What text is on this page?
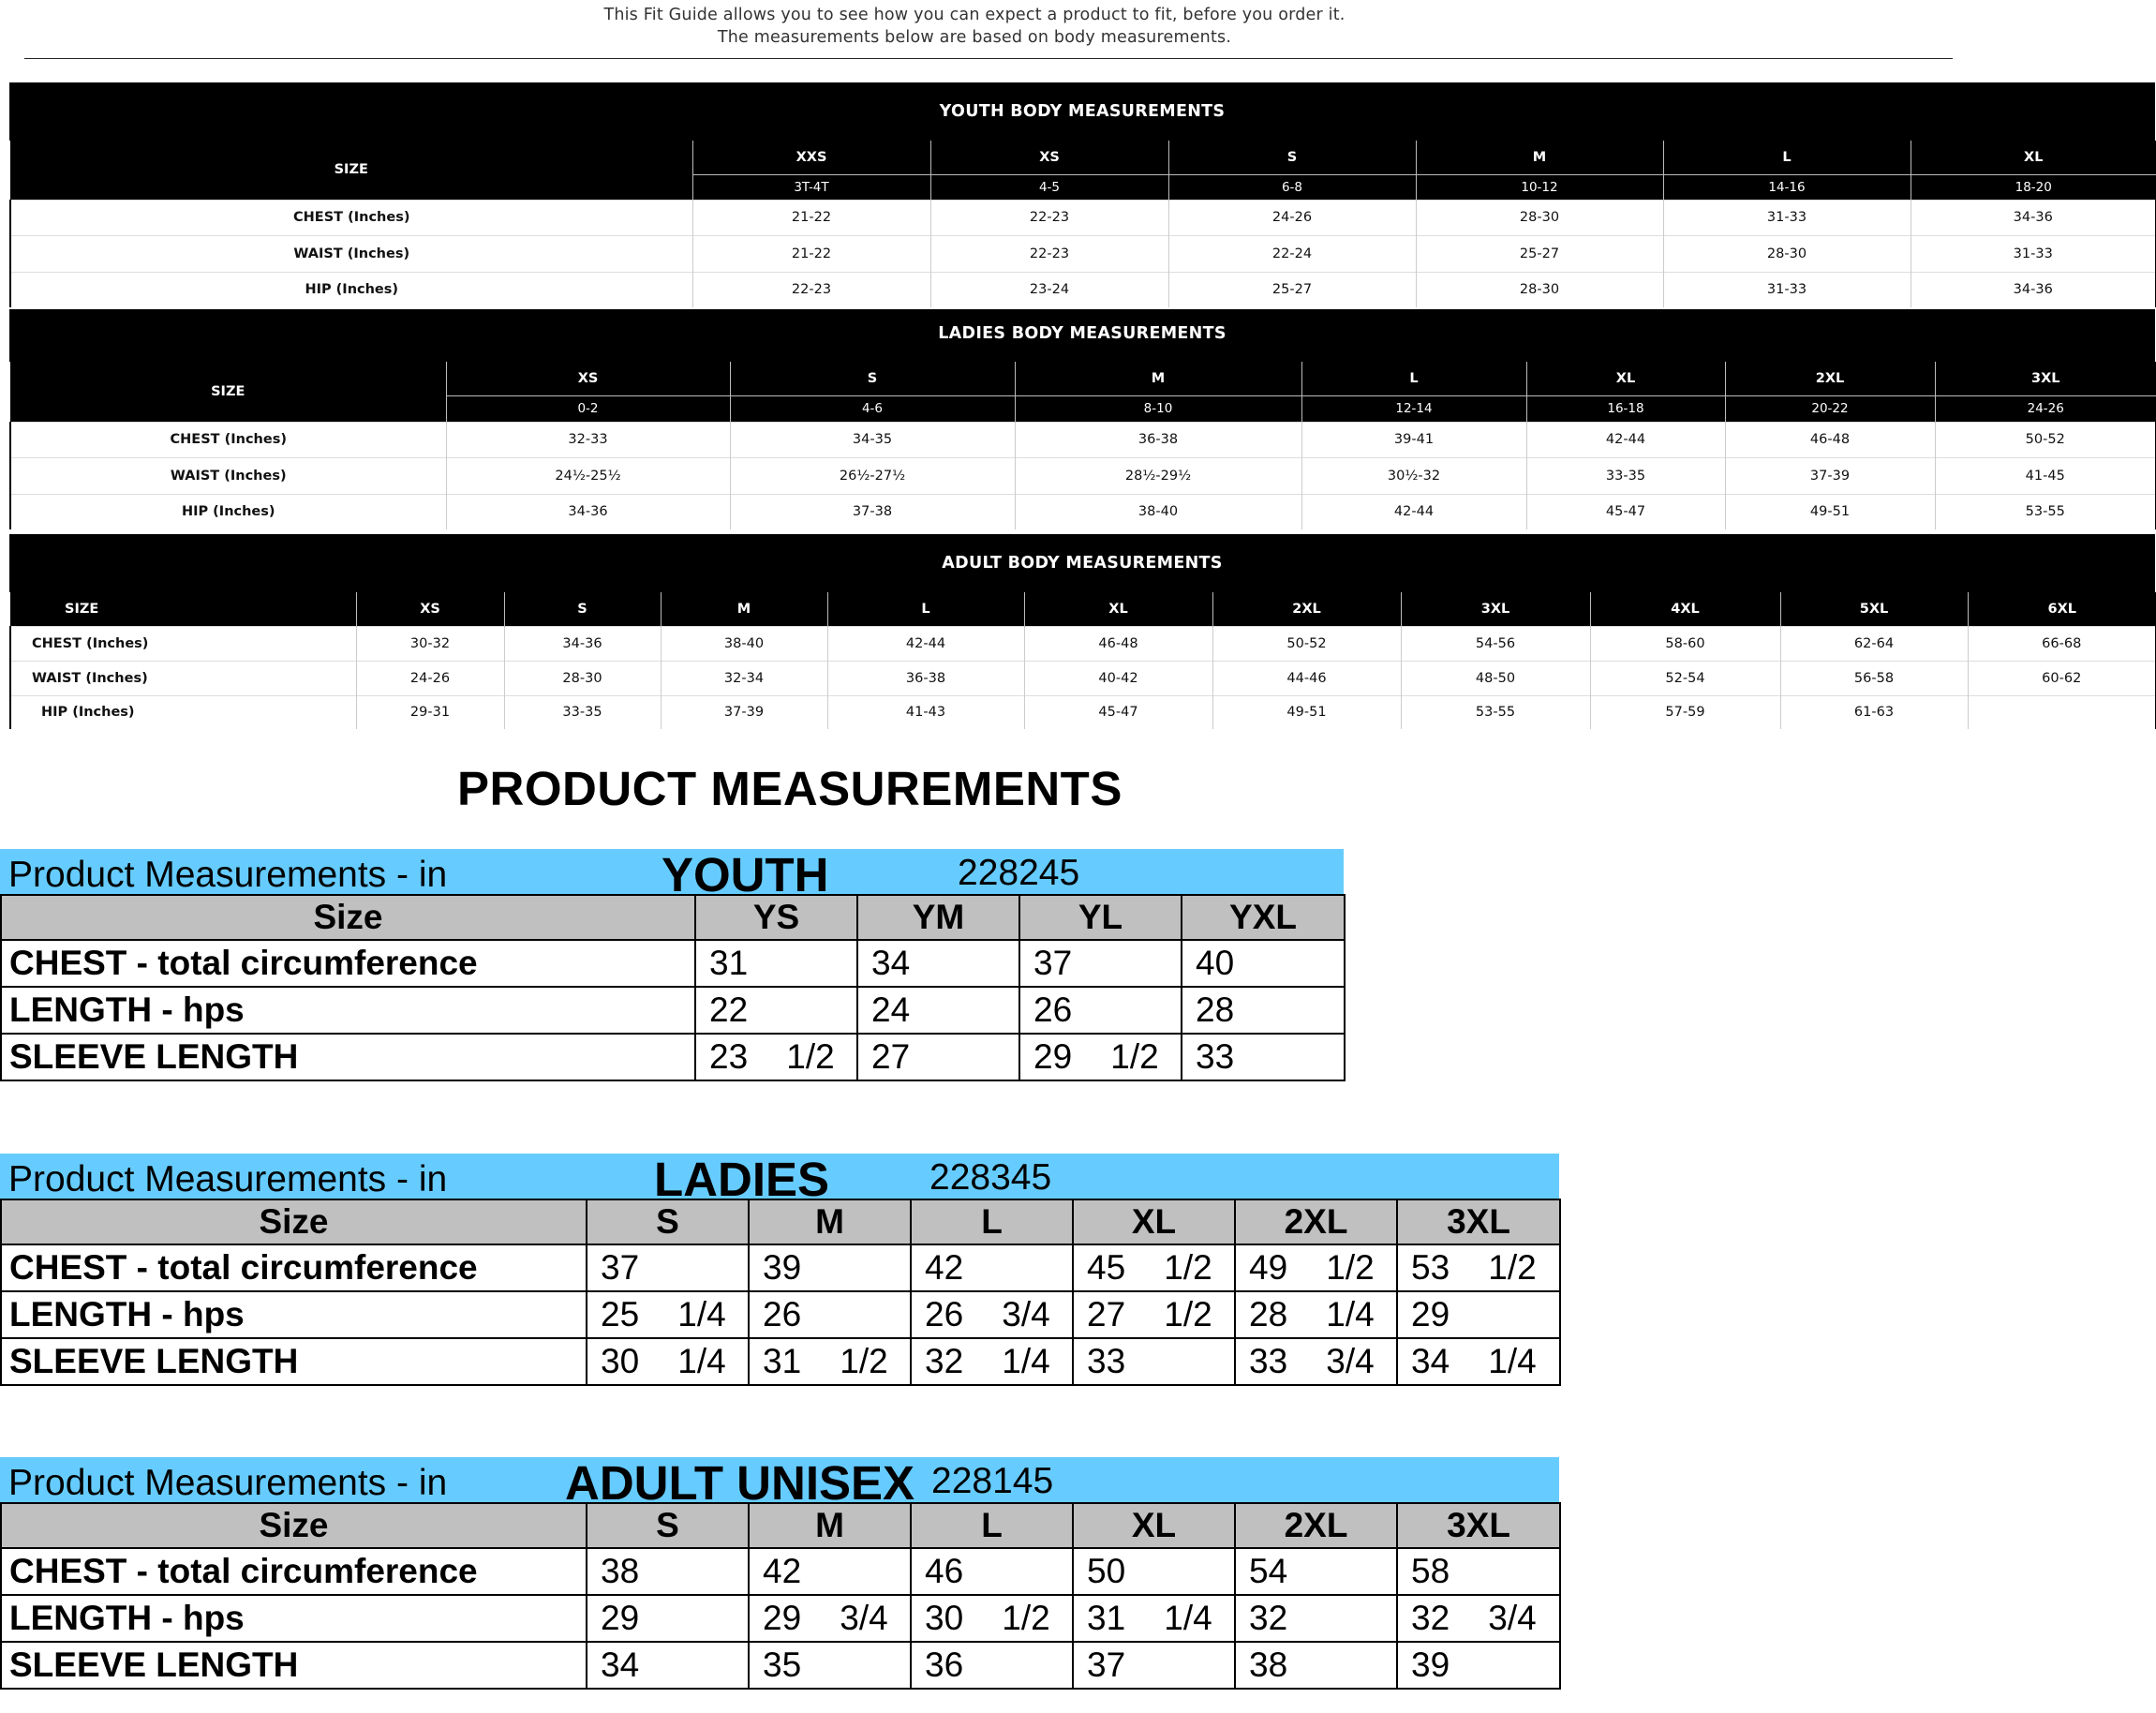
This Fit Guide allows you to see how you can expect a product to fit, before you order it.
The measurements below are based on body measurements.
YOUTH BODY MEASUREMENTS
SIZE	XXS	XS	S	M	L	XL
	3T-4T	4-5	6-8	10-12	14-16	18-20
CHEST (Inches)	21-22	22-23	24-26	28-30	31-33	34-36
WAIST (Inches)	21-22	22-23	22-24	25-27	28-30	31-33
HIP (Inches)	22-23	23-24	25-27	28-30	31-33	34-36
LADIES BODY MEASUREMENTS
SIZE	XS	S	M	L	XL	2XL	3XL
	0-2	4-6	8-10	12-14	16-18	20-22	24-26
CHEST (Inches)	32-33	34-35	36-38	39-41	42-44	46-48	50-52
WAIST (Inches)	24½-25½	26½-27½	28½-29½	30½-32	33-35	37-39	41-45
HIP (Inches)	34-36	37-38	38-40	42-44	45-47	49-51	53-55
ADULT BODY MEASUREMENTS
SIZE	XS	S	M	L	XL	2XL	3XL	4XL	5XL	6XL
CHEST (Inches)	30-32	34-36	38-40	42-44	46-48	50-52	54-56	58-60	62-64	66-68
WAIST (Inches)	24-26	28-30	32-34	36-38	40-42	44-46	48-50	52-54	56-58	60-62
HIP (Inches)	29-31	33-35	37-39	41-43	45-47	49-51	53-55	57-59	61-63	
PRODUCT MEASUREMENTS
Product Measurements - in	YOUTH	228245
Size	YS	YM	YL	YXL
CHEST - total circumference	31	34	37	40
LENGTH - hps	22	24	26	28
SLEEVE LENGTH	23    1/2	27	29    1/2	33
Product Measurements - in	LADIES	228345
Size	S	M	L	XL	2XL	3XL
CHEST - total circumference	37	39	42	45    1/2	49    1/2	53    1/2
LENGTH - hps	25    1/4	26	26    3/4	27    1/2	28    1/4	29
SLEEVE LENGTH	30    1/4	31    1/2	32    1/4	33	33    3/4	34    1/4
Product Measurements - in ADULT UNISEX 228145
Size	S	M	L	XL	2XL	3XL
CHEST - total circumference	38	42	46	50	54	58
LENGTH - hps	29	29    3/4	30    1/2	31    1/4	32	32    3/4
SLEEVE LENGTH	34	35	36	37	38	39
